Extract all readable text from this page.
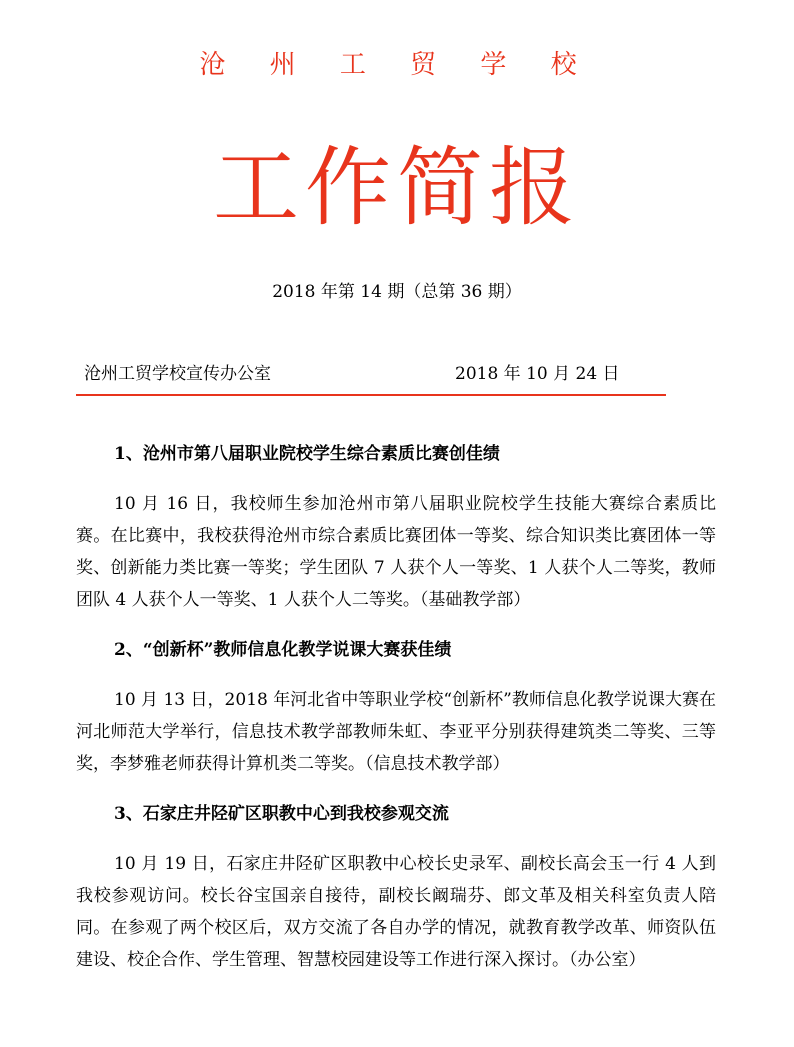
沧 州 工 贸 学 校
工作简报
2018 年第 14 期（总第 36 期）
沧州工贸学校宣传办公室	2018 年 10 月 24 日
1、沧州市第八届职业院校学生综合素质比赛创佳绩
10 月 16 日，我校师生参加沧州市第八届职业院校学生技能大赛综合素质比赛。在比赛中，我校获得沧州市综合素质比赛团体一等奖、综合知识类比赛团体一等奖、创新能力类比赛一等奖；学生团队 7 人获个人一等奖、1 人获个人二等奖，教师团队 4 人获个人一等奖、1 人获个人二等奖。（基础教学部）
2、“创新杯”教师信息化教学说课大赛获佳绩
10 月 13 日，2018 年河北省中等职业学校“创新杯”教师信息化教学说课大赛在河北师范大学举行，信息技术教学部教师朱虹、李亚平分别获得建筑类二等奖、三等奖，李梦雅老师获得计算机类二等奖。（信息技术教学部）
3、石家庄井陉矿区职教中心到我校参观交流
10 月 19 日，石家庄井陉矿区职教中心校长史录军、副校长高会玉一行 4 人到我校参观访问。校长谷宝国亲自接待，副校长阚瑞芬、郎文革及相关科室负责人陪同。在参观了两个校区后，双方交流了各自办学的情况，就教育教学改革、师资队伍建设、校企合作、学生管理、智慧校园建设等工作进行深入探讨。（办公室）
